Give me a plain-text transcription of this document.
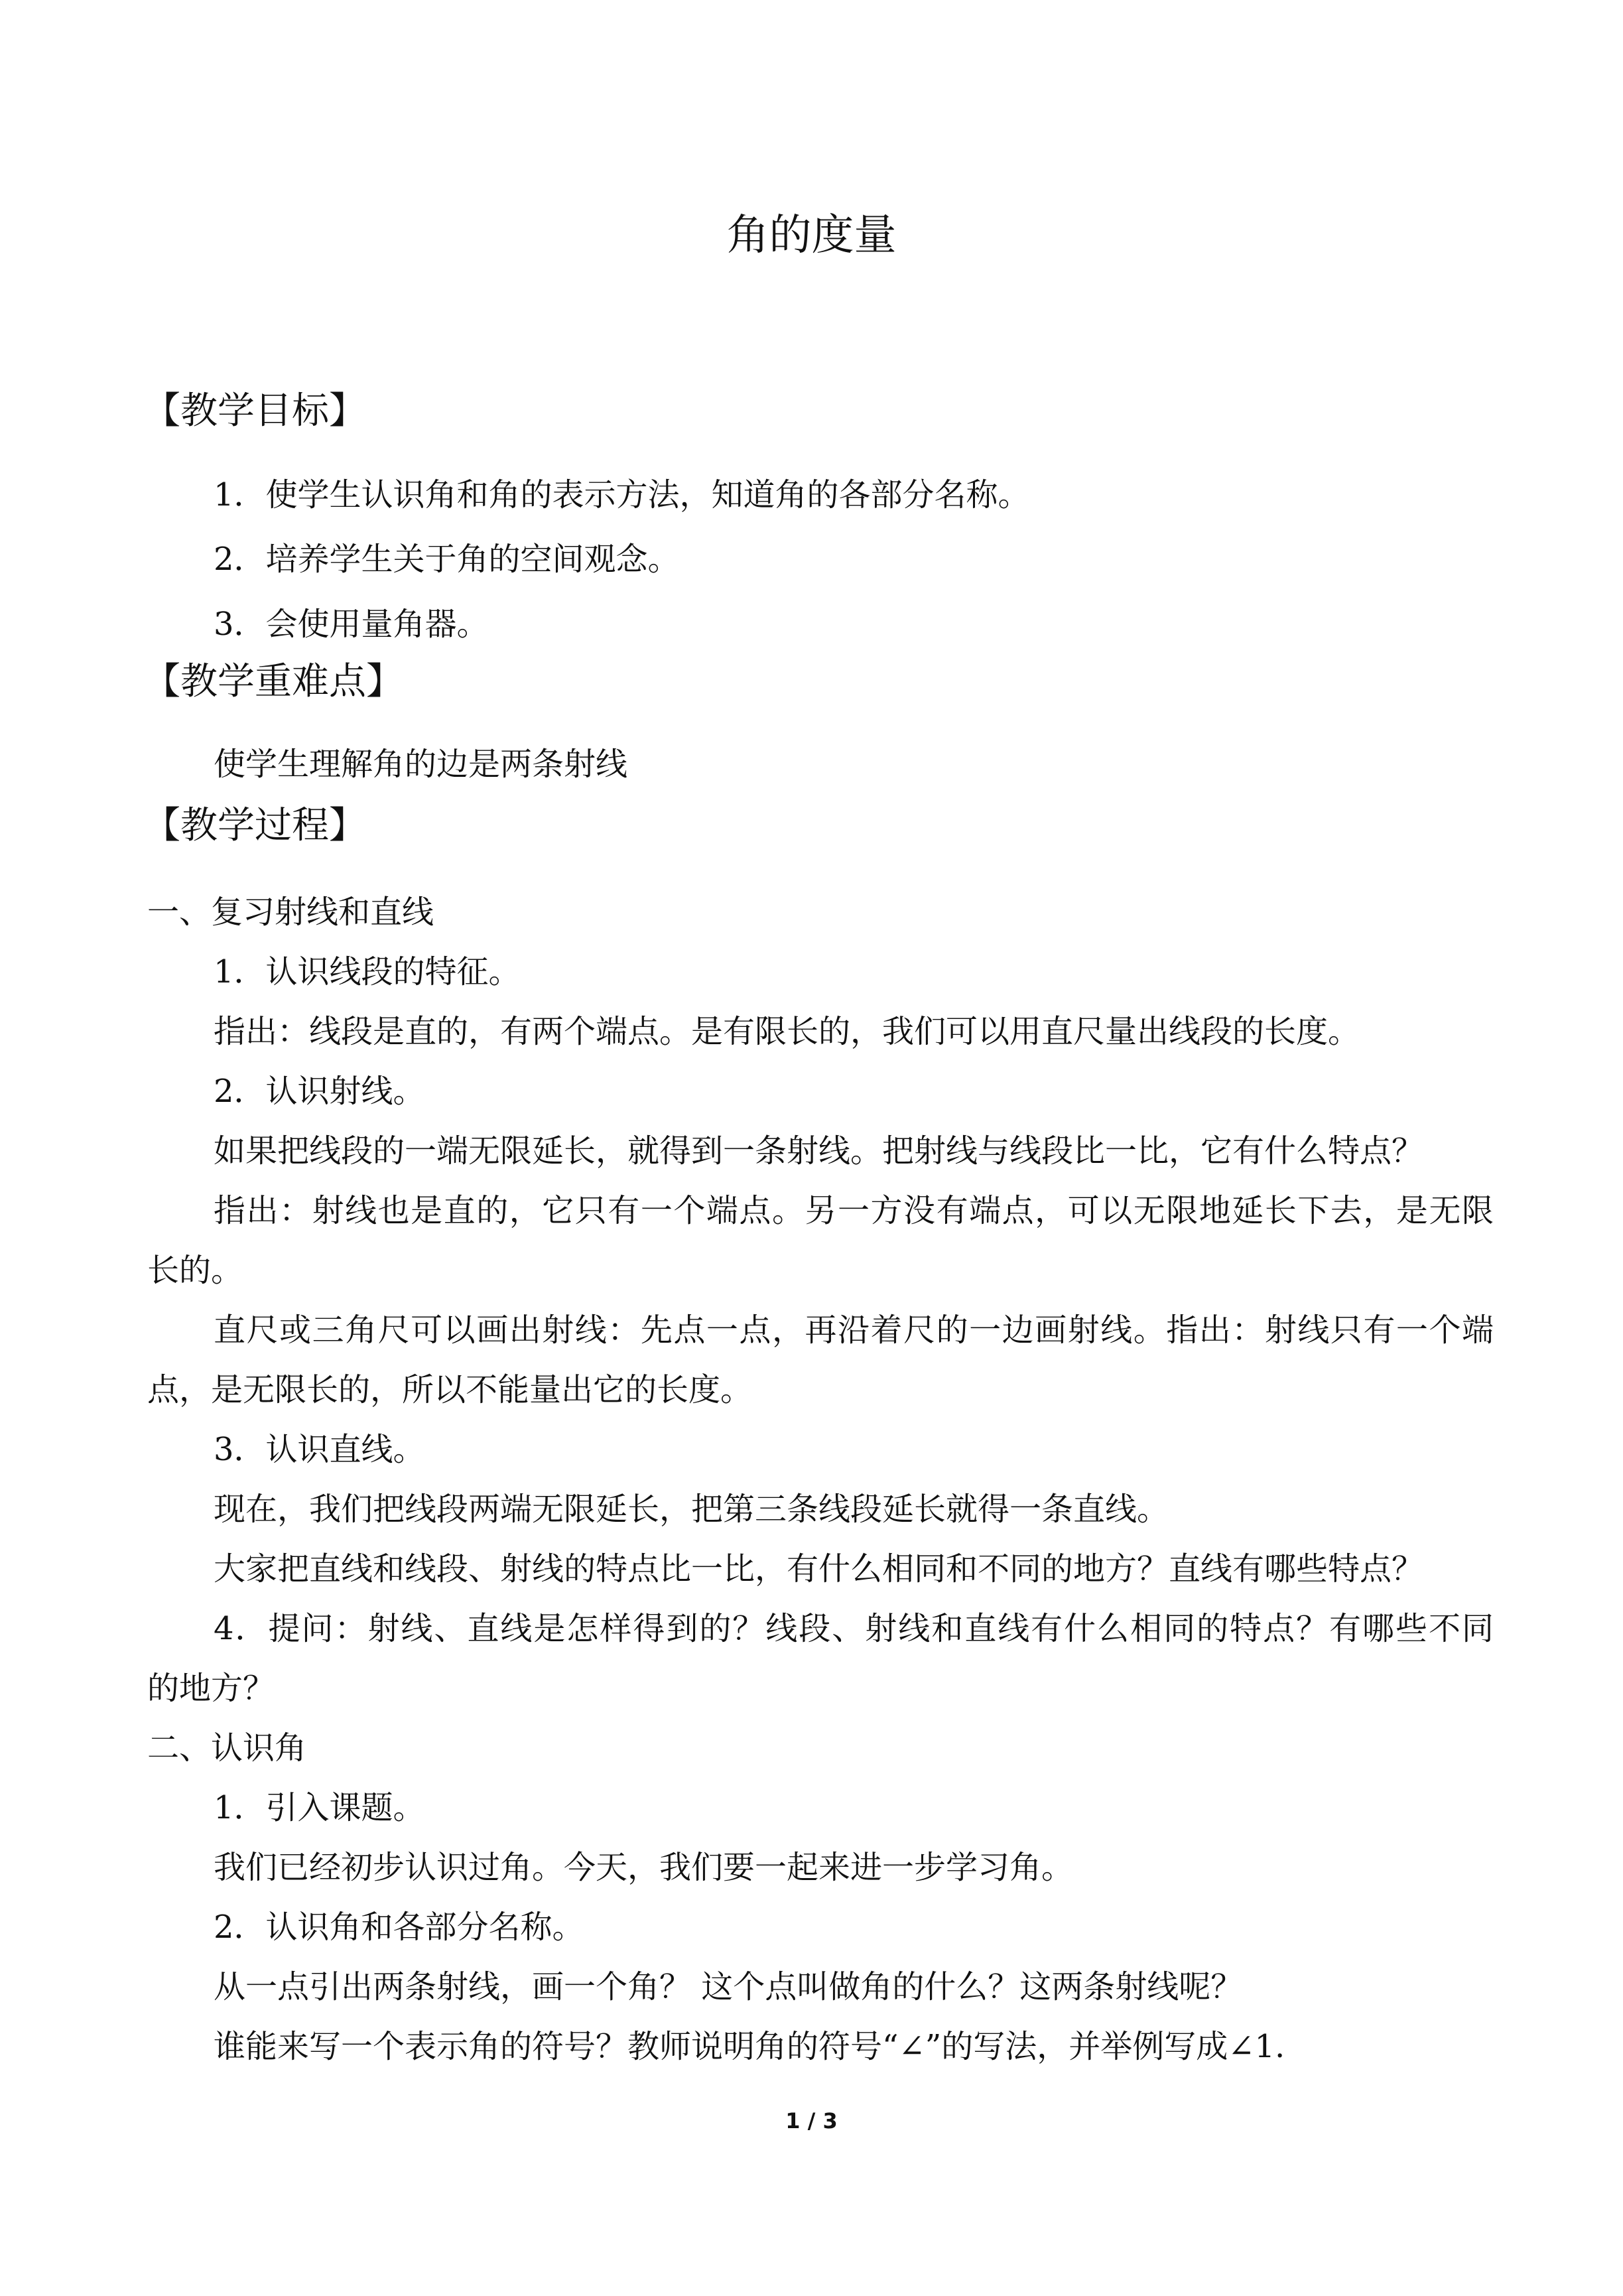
角的度量
【教学目标】
1．使学生认识角和角的表示方法，知道角的各部分名称。
2．培养学生关于角的空间观念。
3．会使用量角器。
【教学重难点】
使学生理解角的边是两条射线
【教学过程】
一、复习射线和直线
1．认识线段的特征。
指出：线段是直的，有两个端点。是有限长的，我们可以用直尺量出线段的长度。
2．认识射线。
如果把线段的一端无限延长，就得到一条射线。把射线与线段比一比，它有什么特点？
指出：射线也是直的，它只有一个端点。另一方没有端点，可以无限地延长下去，是无限
长的。
直尺或三角尺可以画出射线：先点一点，再沿着尺的一边画射线。指出：射线只有一个端
点，是无限长的，所以不能量出它的长度。
3．认识直线。
现在，我们把线段两端无限延长，把第三条线段延长就得一条直线。
大家把直线和线段、射线的特点比一比，有什么相同和不同的地方？直线有哪些特点？
4．提问：射线、直线是怎样得到的？线段、射线和直线有什么相同的特点？有哪些不同
的地方？
二、认识角
1．引入课题。
我们已经初步认识过角。今天，我们要一起来进一步学习角。
2．认识角和各部分名称。
从一点引出两条射线，画一个角？ 这个点叫做角的什么？这两条射线呢？
谁能来写一个表示角的符号？教师说明角的符号“∠”的写法，并举例写成∠1.
1 / 3
